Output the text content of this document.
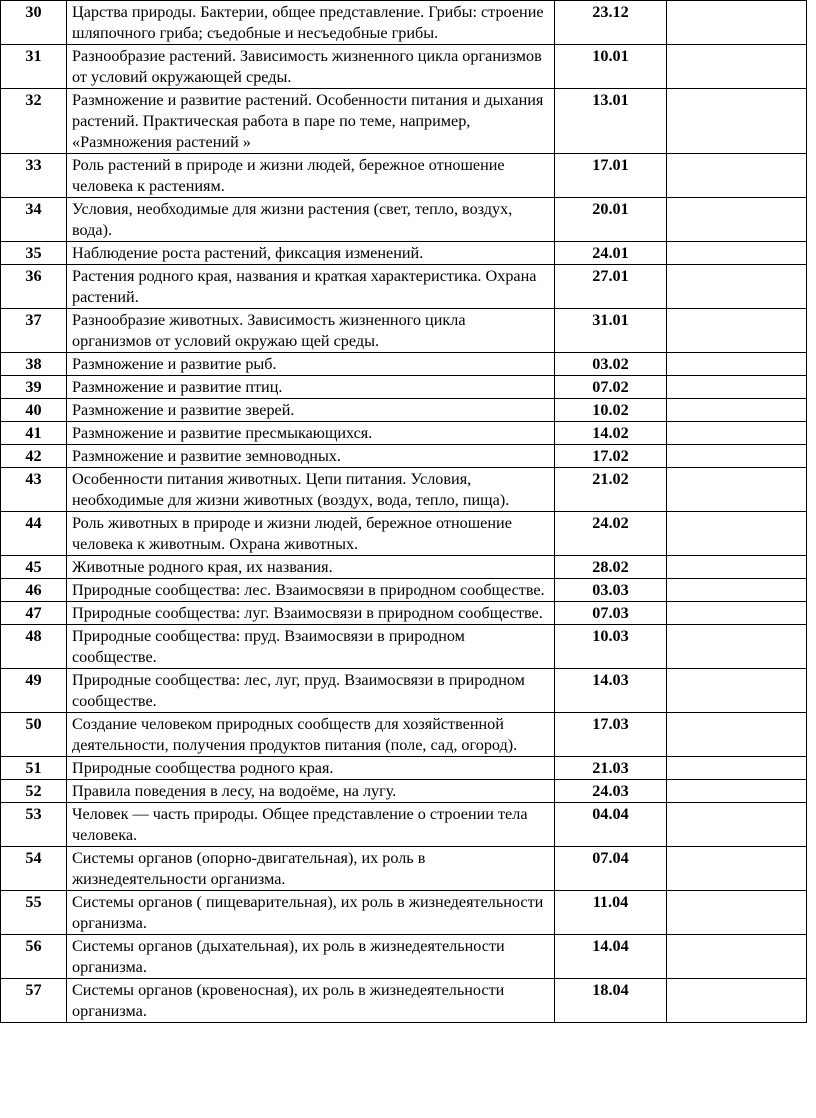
30	Царства природы. Бактерии, общее представление. Грибы: строение шляпочного гриба; съедобные и несъедобные грибы.	23.12	
31	Разнообразие растений. Зависимость жизненного цикла организмов от условий окружающей среды.	10.01	
32	Размножение и развитие растений. Особенности питания и дыхания растений. Практическая работа в паре по теме, например, «Размножения растений »	13.01	
33	Роль растений в природе и жизни людей, бережное отношение человека к растениям.	17.01	
34	Условия, необходимые для жизни растения (свет, тепло, воздух, вода).	20.01	
35	Наблюдение роста растений, фиксация изменений.	24.01	
36	Растения родного края, названия и краткая характеристика. Охрана растений.	27.01	
37	Разнообразие животных. Зависимость жизненного цикла организмов от условий окружаю щей среды.	31.01	
38	Размножение и развитие рыб.	03.02	
39	Размножение и развитие птиц.	07.02	
40	Размножение и развитие зверей.	10.02	
41	Размножение и развитие пресмыкающихся.	14.02	
42	Размножение и развитие земноводных.	17.02	
43	Особенности питания животных. Цепи питания. Условия, необходимые для жизни животных (воздух, вода, тепло, пища).	21.02	
44	Роль животных в природе и жизни людей, бережное отношение человека к животным. Охрана животных.	24.02	
45	Животные родного края, их названия.	28.02	
46	Природные сообщества: лес. Взаимосвязи в природном сообществе.	03.03	
47	Природные сообщества: луг. Взаимосвязи в природном сообществе.	07.03	
48	Природные сообщества: пруд. Взаимосвязи в природном сообществе.	10.03	
49	Природные сообщества: лес, луг, пруд. Взаимосвязи в природном сообществе.	14.03	
50	Создание человеком природных сообществ для хозяйственной деятельности, получения продуктов питания (поле, сад, огород).	17.03	
51	Природные сообщества родного края.	21.03	
52	Правила поведения в лесу, на водоёме, на лугу.	24.03	
53	Человек — часть природы. Общее представление о строении тела человека.	04.04	
54	Системы органов (опорно-двигательная), их роль в жизнедеятельности организма.	07.04	
55	Системы органов ( пищеварительная), их роль в жизнедеятельности организма.	11.04	
56	Системы органов (дыхательная), их роль в жизнедеятельности организма.	14.04	
57	Системы органов (кровеносная), их роль в жизнедеятельности организма.	18.04	
